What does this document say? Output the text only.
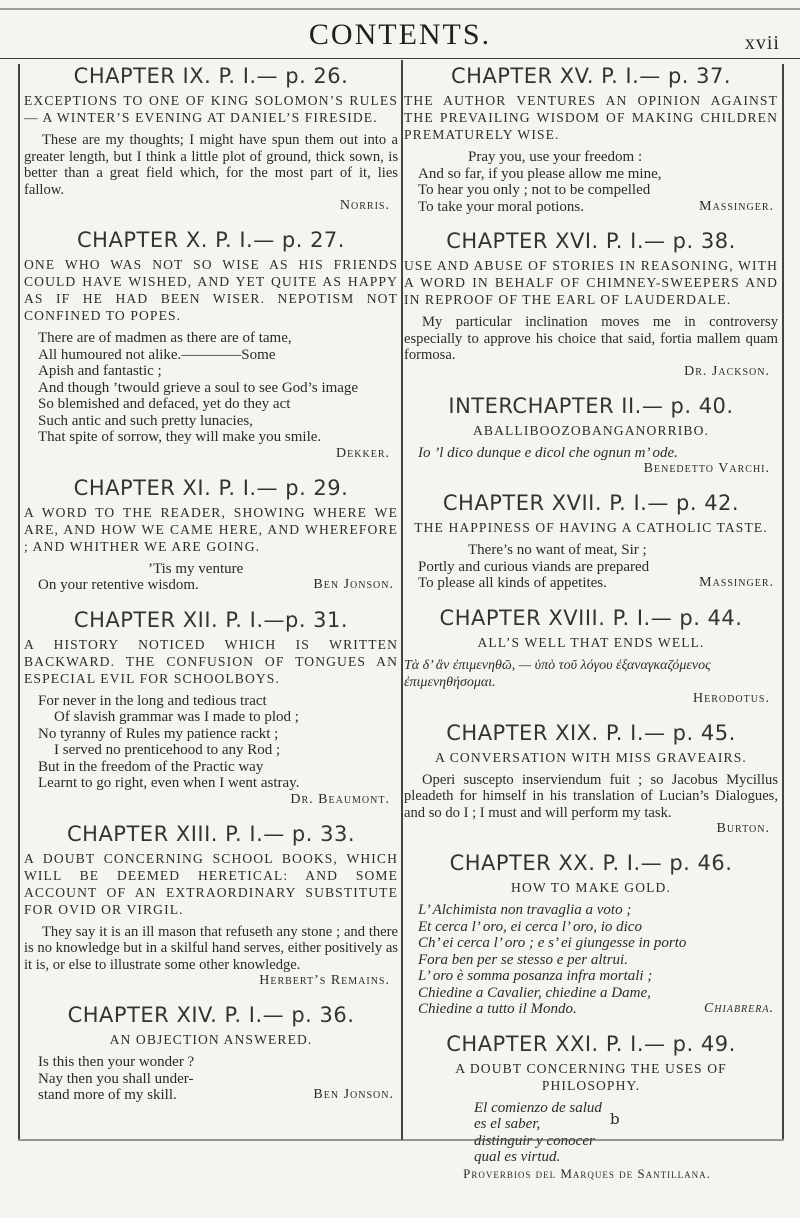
CONTENTS.	xvii
CHAPTER IX. P. I.— p. 26.
EXCEPTIONS TO ONE OF KING SOLOMON’S RULES — A WINTER’S EVENING AT DANIEL’S FIRESIDE.
These are my thoughts; I might have spun them out into a greater length, but I think a little plot of ground, thick sown, is better than a great field which, for the most part of it, lies fallow.
Norris.
CHAPTER X. P. I.— p. 27.
ONE WHO WAS NOT SO WISE AS HIS FRIENDS COULD HAVE WISHED, AND YET QUITE AS HAPPY AS IF HE HAD BEEN WISER. NEPOTISM NOT CONFINED TO POPES.
There are of madmen as there are of tame,
All humoured not alike.————Some
Apish and fantastic ;
And though ’twould grieve a soul to see God’s image
So blemished and defaced, yet do they act
Such antic and such pretty lunacies,
That spite of sorrow, they will make you smile.
Dekker.
CHAPTER XI. P. I.— p. 29.
A WORD TO THE READER, SHOWING WHERE WE ARE, AND HOW WE CAME HERE, AND WHEREFORE ; AND WHITHER WE ARE GOING.
’Tis my venture
On your retentive wisdom.	Ben Jonson.
CHAPTER XII. P. I.—p. 31.
A HISTORY NOTICED WHICH IS WRITTEN BACKWARD. THE CONFUSION OF TONGUES AN ESPECIAL EVIL FOR SCHOOLBOYS.
For never in the long and tedious tract
Of slavish grammar was I made to plod ;
No tyranny of Rules my patience rackt ;
I served no prenticehood to any Rod ;
But in the freedom of the Practic way
Learnt to go right, even when I went astray.
Dr. Beaumont.
CHAPTER XIII. P. I.— p. 33.
A DOUBT CONCERNING SCHOOL BOOKS, WHICH WILL BE DEEMED HERETICAL: AND SOME ACCOUNT OF AN EXTRAORDINARY SUBSTITUTE FOR OVID OR VIRGIL.
They say it is an ill mason that refuseth any stone ; and there is no knowledge but in a skilful hand serves, either positively as it is, or else to illustrate some other knowledge.
Herbert’s Remains.
CHAPTER XIV. P. I.— p. 36.
AN OBJECTION ANSWERED.
Is this then your wonder ?
Nay then you shall under-
stand more of my skill.	Ben Jonson.
CHAPTER XV. P. I.— p. 37.
THE AUTHOR VENTURES AN OPINION AGAINST THE PREVAILING WISDOM OF MAKING CHILDREN PREMATURELY WISE.
Pray you, use your freedom :
And so far, if you please allow me mine,
To hear you only ; not to be compelled
To take your moral potions.	Massinger.
CHAPTER XVI. P. I.— p. 38.
USE AND ABUSE OF STORIES IN REASONING, WITH A WORD IN BEHALF OF CHIMNEY-SWEEPERS AND IN REPROOF OF THE EARL OF LAUDERDALE.
My particular inclination moves me in controversy especially to approve his choice that said, fortia mallem quam formosa.
Dr. Jackson.
INTERCHAPTER II.— p. 40.
ABALLIBOOZOBANGANORRIBO.
Io ’l dico dunque e dicol che ognun m’ ode.
Benedetto Varchi.
CHAPTER XVII. P. I.— p. 42.
THE HAPPINESS OF HAVING A CATHOLIC TASTE.
There’s no want of meat, Sir ;
Portly and curious viands are prepared
To please all kinds of appetites.	Massinger.
CHAPTER XVIII. P. I.— p. 44.
ALL’S WELL THAT ENDS WELL.
Τὰ δ’ ἂν ἐπιμενηθῶ, — ὑπὸ τοῦ λόγου ἐξαναγκαζόμενος ἐπιμενηθήσομαι.
Herodotus.
CHAPTER XIX. P. I.— p. 45.
A CONVERSATION WITH MISS GRAVEAIRS.
Operi suscepto inserviendum fuit ; so Jacobus Mycillus pleadeth for himself in his translation of Lucian’s Dialogues, and so do I ; I must and will perform my task.
Burton.
CHAPTER XX. P. I.— p. 46.
HOW TO MAKE GOLD.
L’ Alchimista non travaglia a voto ;
Et cerca l’ oro, ei cerca l’ oro, io dico
Ch’ ei cerca l’ oro ; e s’ ei giungesse in porto
Fora ben per se stesso e per altrui.
L’ oro è somma posanza infra mortali ;
Chiedine a Cavalier, chiedine a Dame,
Chiedine a tutto il Mondo.	Chiabrera.
CHAPTER XXI. P. I.— p. 49.
A DOUBT CONCERNING THE USES OF PHILOSOPHY.
El comienzo de salud
es el saber,
qual es virtud.
Proverbios del Marques de Santillana.
b
